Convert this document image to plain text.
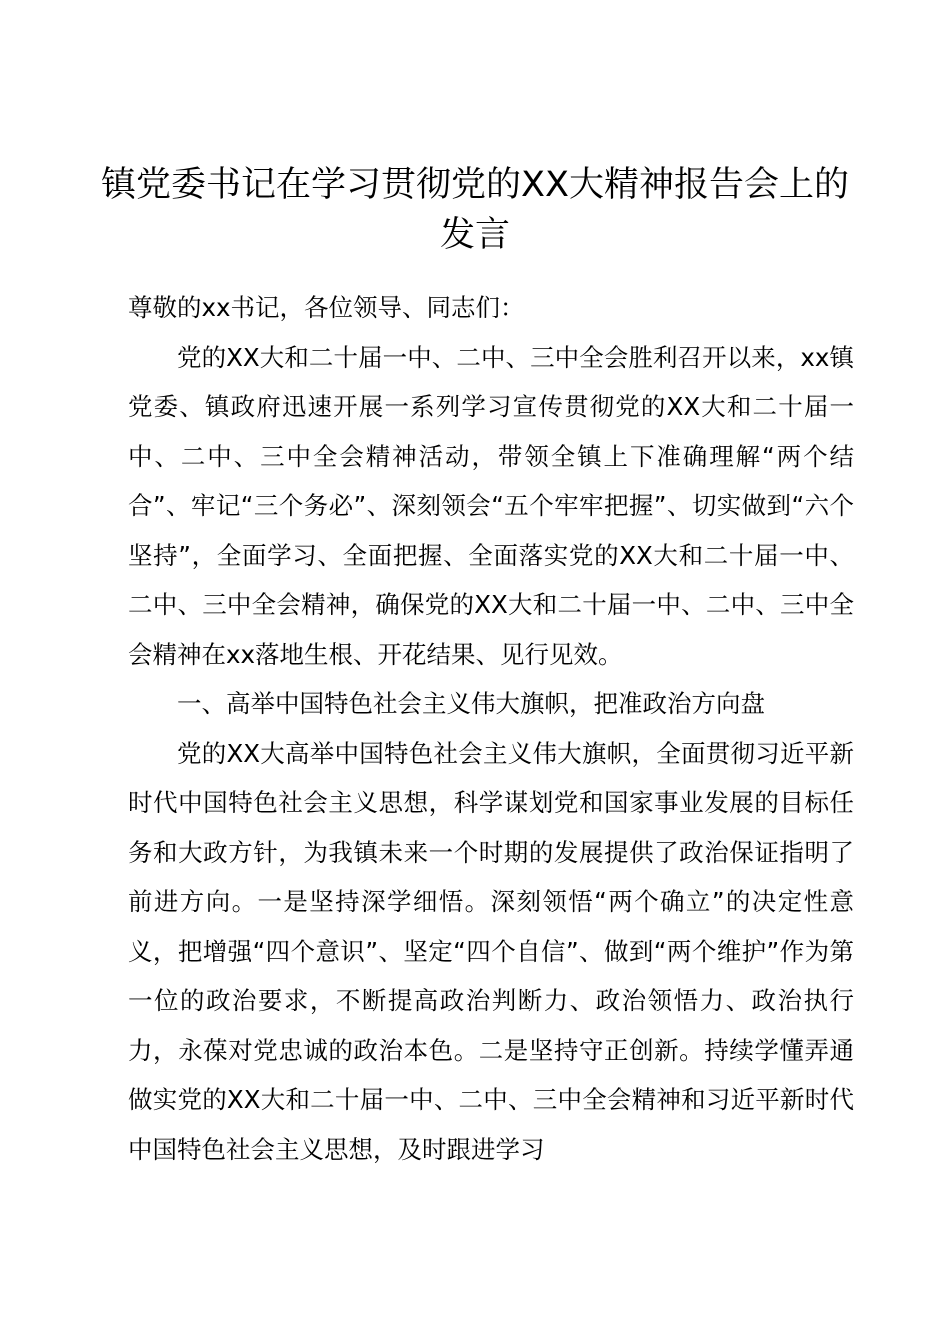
镇党委书记在学习贯彻党的XX大精神报告会上的发言

尊敬的xx书记，各位领导、同志们：

党的XX大和二十届一中、二中、三中全会胜利召开以来，xx镇党委、镇政府迅速开展一系列学习宣传贯彻党的XX大和二十届一中、二中、三中全会精神活动，带领全镇上下准确理解“两个结合”、牢记“三个务必”、深刻领会“五个牢牢把握”、切实做到“六个坚持”，全面学习、全面把握、全面落实党的XX大和二十届一中、二中、三中全会精神，确保党的XX大和二十届一中、二中、三中全会精神在xx落地生根、开花结果、见行见效。

一、高举中国特色社会主义伟大旗帜，把准政治方向盘

党的XX大高举中国特色社会主义伟大旗帜，全面贯彻习近平新时代中国特色社会主义思想，科学谋划党和国家事业发展的目标任务和大政方针，为我镇未来一个时期的发展提供了政治保证指明了前进方向。一是坚持深学细悟。深刻领悟“两个确立”的决定性意义，把增强“四个意识”、坚定“四个自信”、做到“两个维护”作为第一位的政治要求，不断提高政治判断力、政治领悟力、政治执行力，永葆对党忠诚的政治本色。二是坚持守正创新。持续学懂弄通做实党的XX大和二十届一中、二中、三中全会精神和习近平新时代中国特色社会主义思想，及时跟进学习
